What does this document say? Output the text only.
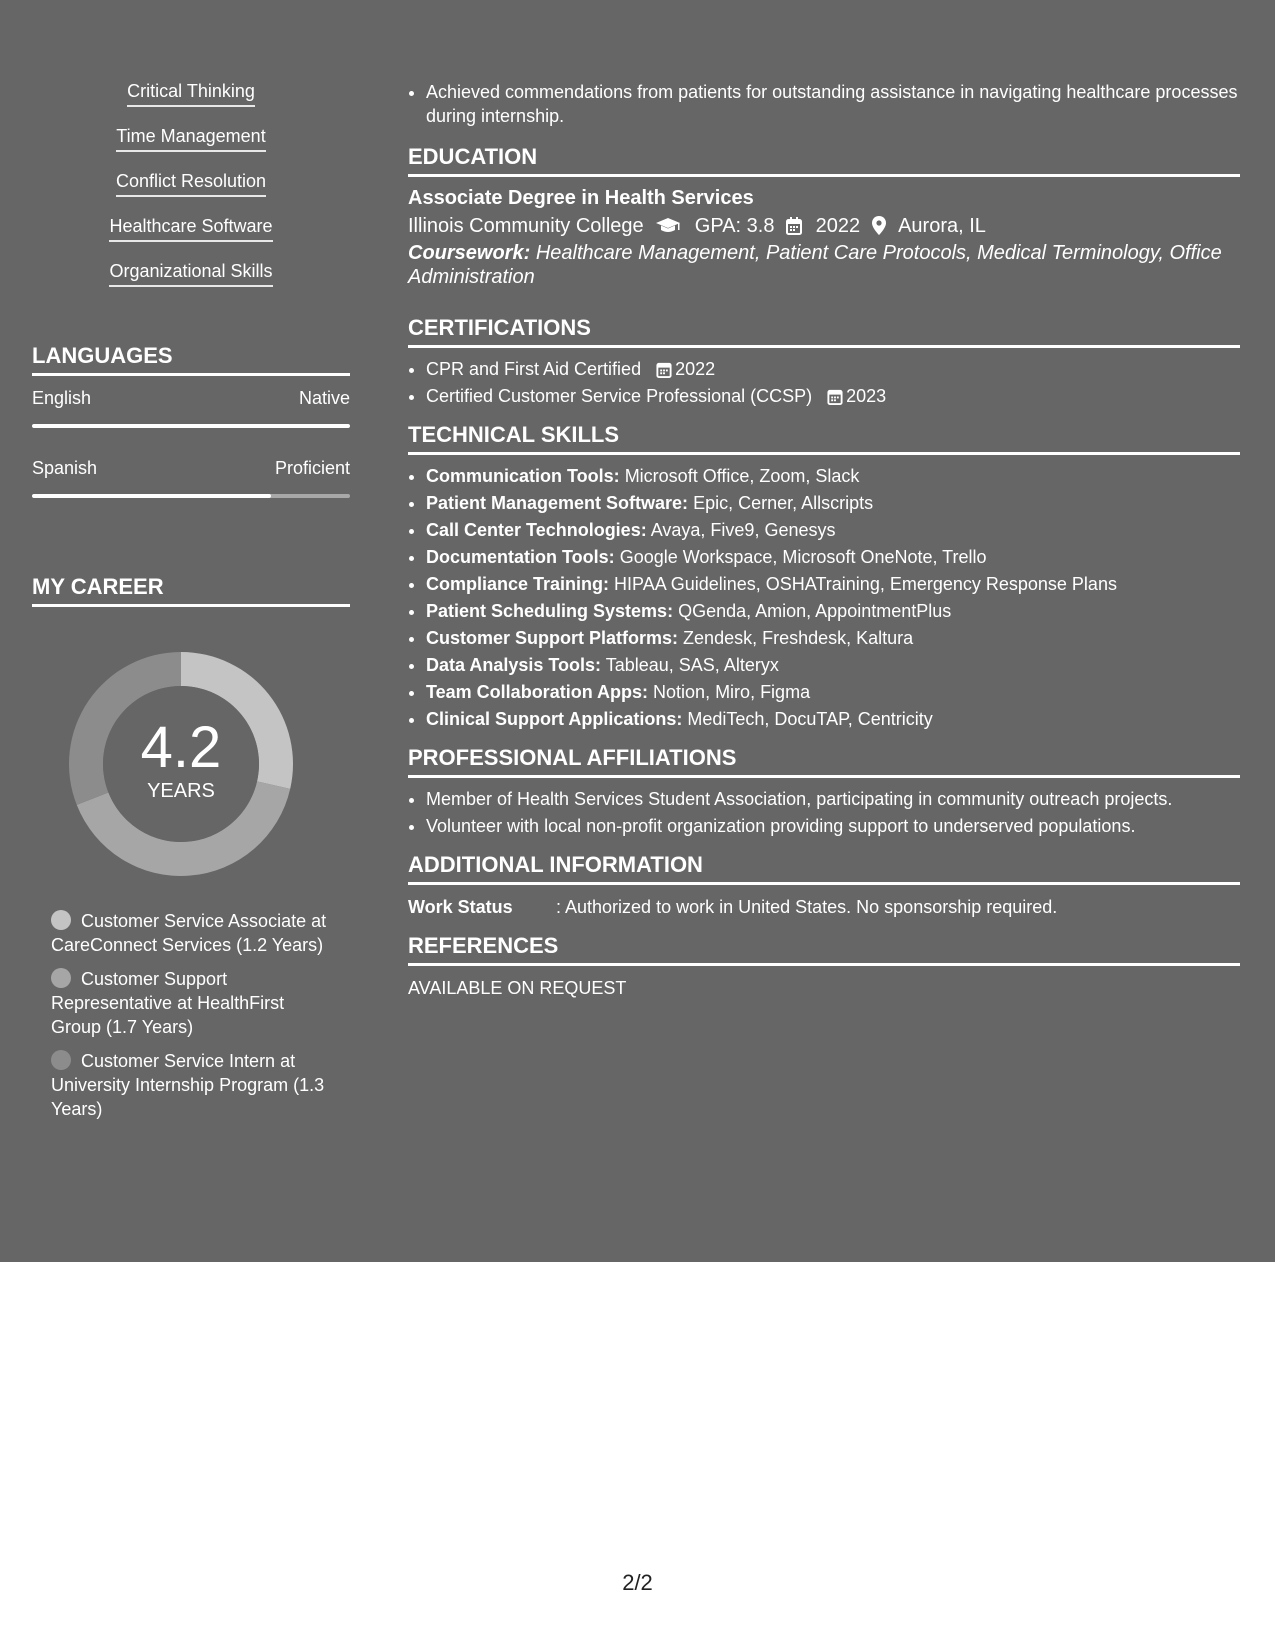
Critical Thinking
Time Management
Conflict Resolution
Healthcare Software
Organizational Skills
LANGUAGES
English	Native
Spanish	Proficient
MY CAREER
4.2
YEARS
Customer Service Associate at CareConnect Services (1.2 Years)
Customer Support Representative at HealthFirst Group (1.7 Years)
Customer Service Intern at University Internship Program (1.3 Years)
• Achieved commendations from patients for outstanding assistance in navigating healthcare processes during internship.
EDUCATION
Associate Degree in Health Services
Illinois Community College	GPA: 3.8 2022 Aurora, IL
Coursework: Healthcare Management, Patient Care Protocols, Medical Terminology, Office Administration
CERTIFICATIONS
• CPR and First Aid Certified 2022
• Certified Customer Service Professional (CCSP) 2023
TECHNICAL SKILLS
• Communication Tools: Microsoft Office, Zoom, Slack
• Patient Management Software: Epic, Cerner, Allscripts
• Call Center Technologies: Avaya, Five9, Genesys
• Documentation Tools: Google Workspace, Microsoft OneNote, Trello
• Compliance Training: HIPAA Guidelines, OSHATraining, Emergency Response Plans
• Patient Scheduling Systems: QGenda, Amion, AppointmentPlus
• Customer Support Platforms: Zendesk, Freshdesk, Kaltura
• Data Analysis Tools: Tableau, SAS, Alteryx
• Team Collaboration Apps: Notion, Miro, Figma
• Clinical Support Applications: MediTech, DocuTAP, Centricity
PROFESSIONAL AFFILIATIONS
• Member of Health Services Student Association, participating in community outreach projects.
• Volunteer with local non-profit organization providing support to underserved populations.
ADDITIONAL INFORMATION
Work Status : Authorized to work in United States. No sponsorship required.
REFERENCES
AVAILABLE ON REQUEST
2/2
